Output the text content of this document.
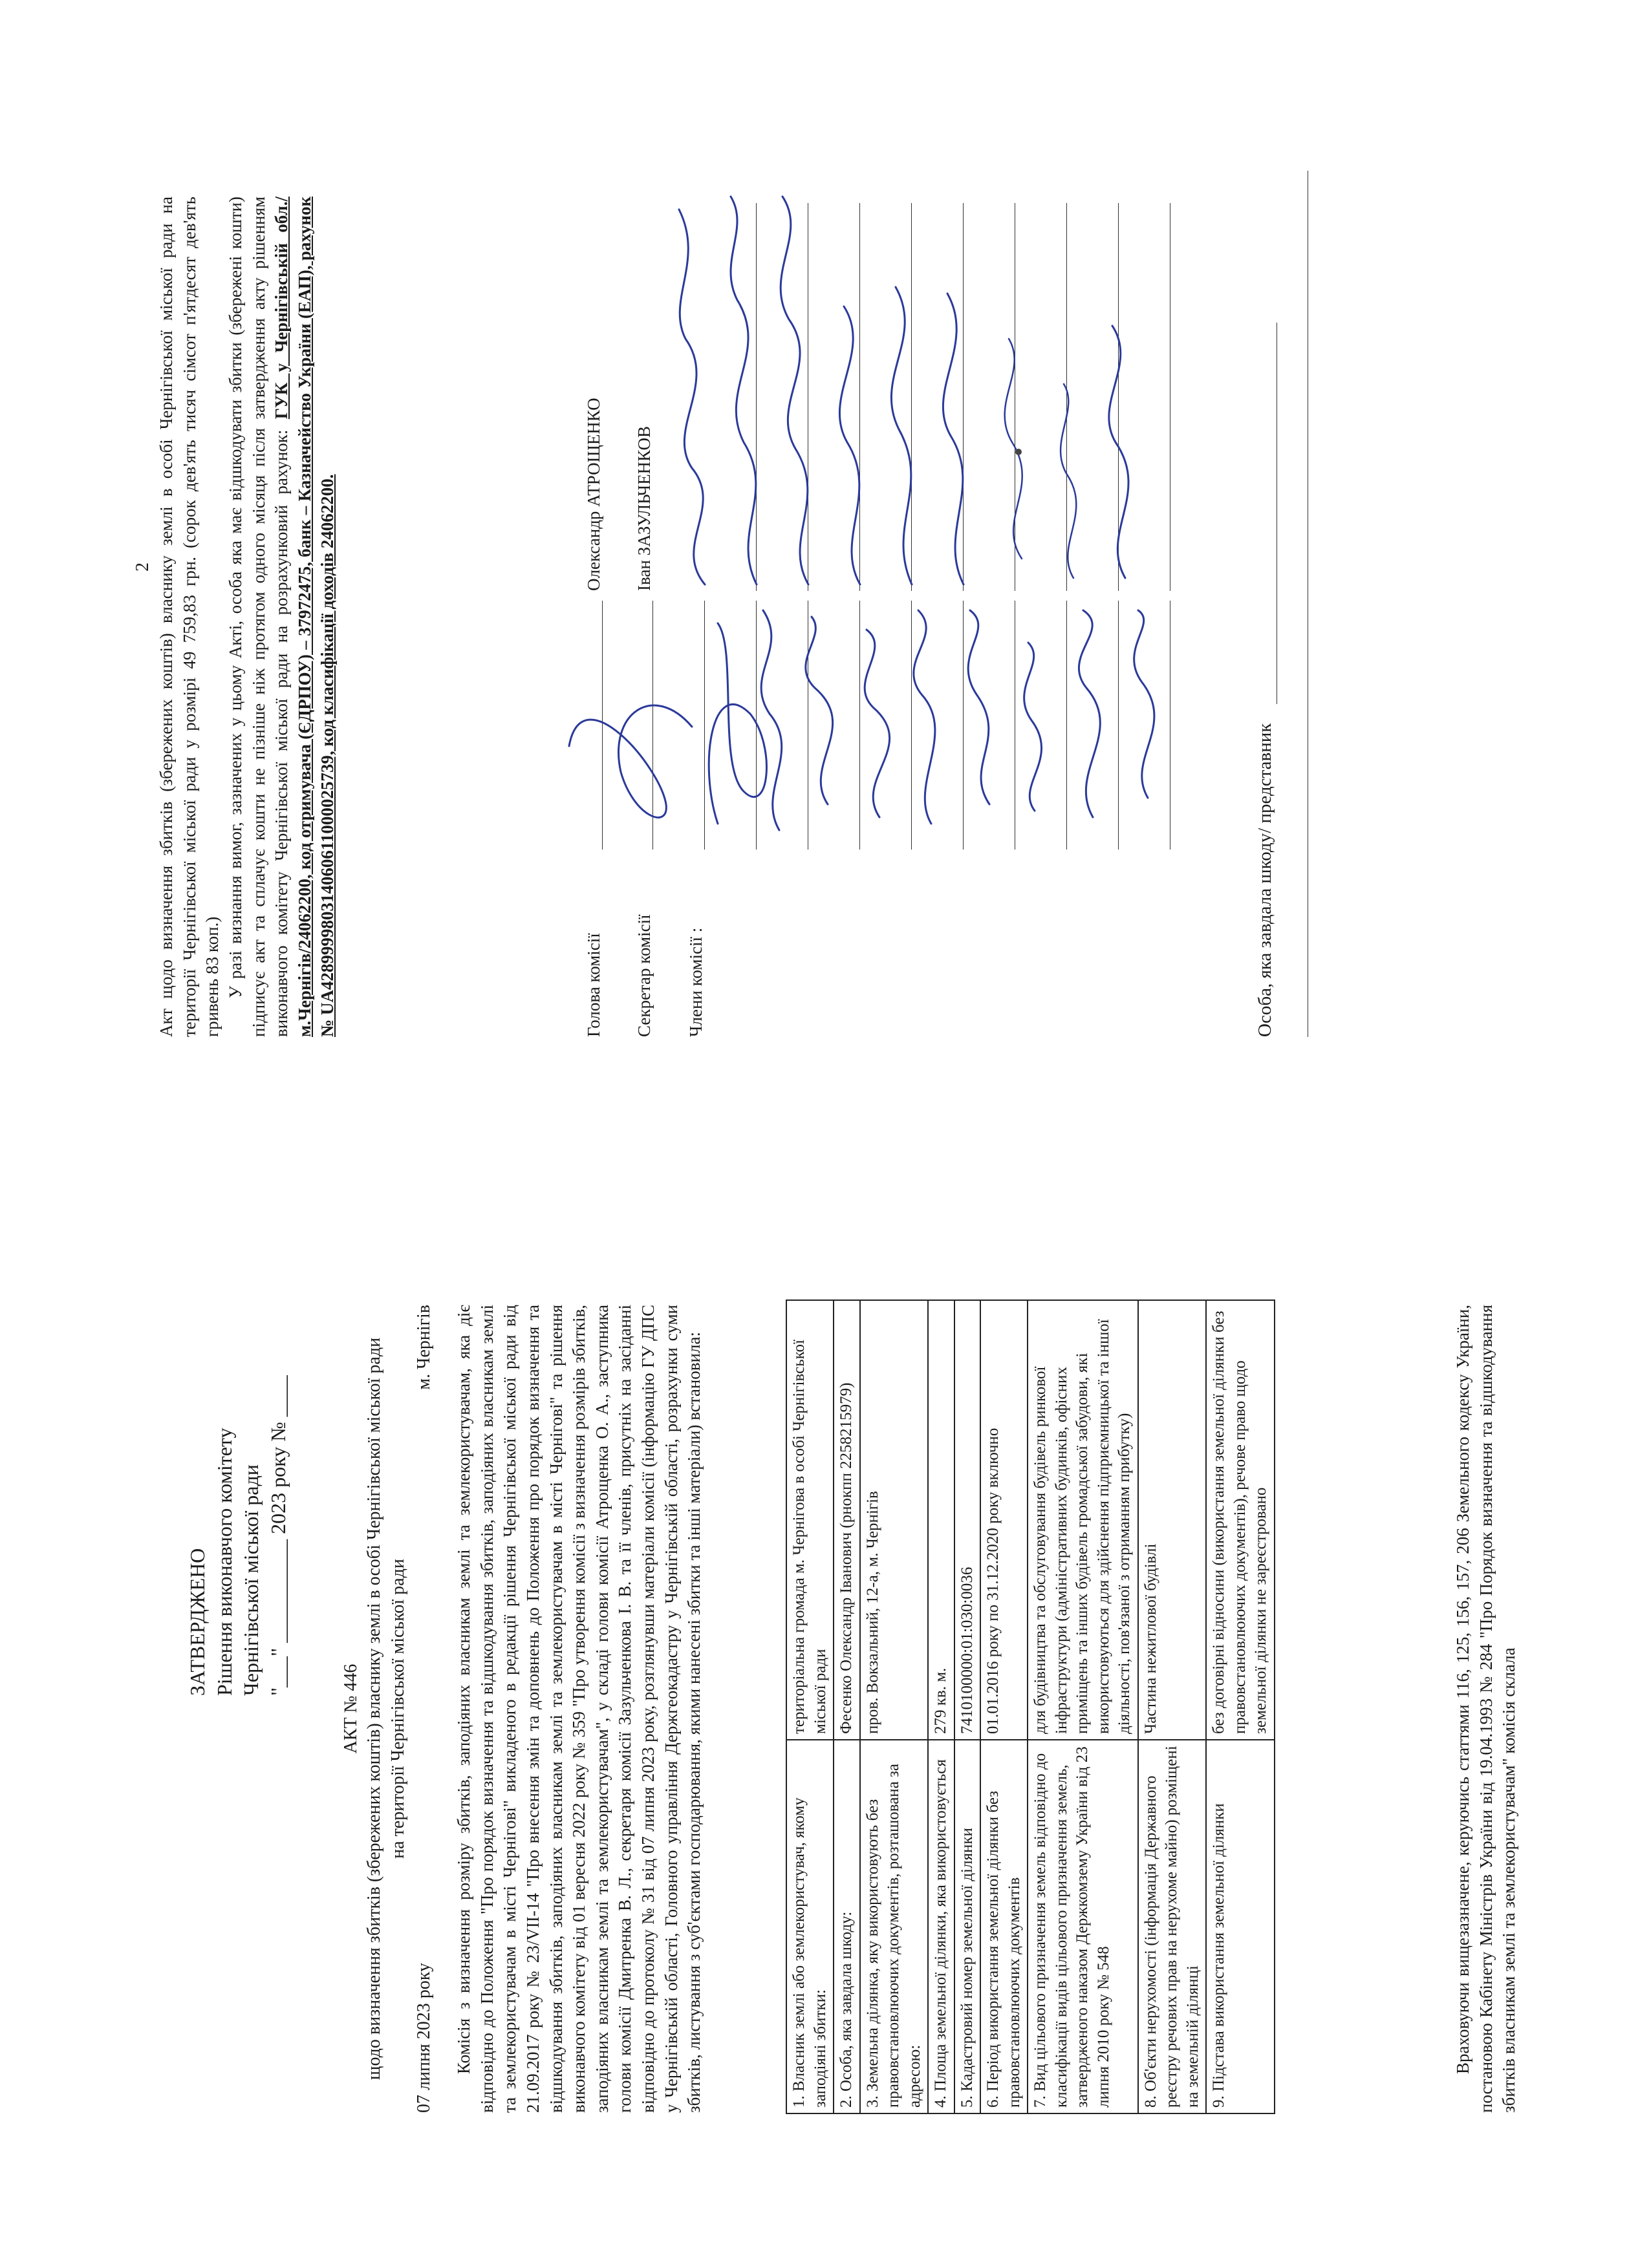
ЗАТВЕРДЖЕНО Рішення виконавчого комітету Чернігівської міської ради "___" __________ 2023 року № ____
АКТ № 446 щодо визначення збитків (збережених коштів) власнику землі в особі Чернігівської міської ради на території Чернігівської міської ради
07 липня 2023 року
м. Чернігів Комісія з визначення розміру збитків, заподіяних власникам землі та землекористувачам, яка діє відповідно до Положення "Про порядок визначення та відшкодування збитків, заподіяних власникам землі та землекористувачам в місті Чернігові" викладеного в редакції рішення Чернігівської міської ради від 21.09.2017 року № 23/VII-14 "Про внесення змін та доповнень до Положення про порядок визначення та відшкодування збитків, заподіяних власникам землі та землекористувачам в місті Чернігові" та рішення виконавчого комітету від 01 вересня 2022 року № 359 "Про утворення комісії з визначення розмірів збитків, заподіяних власникам землі та землекористувачам", у складі голови комісії Атрощенка О. А., заступника голови комісії Дмитренка В. Л., секретаря комісії Зазульченкова І. В. та її членів, присутніх на засіданні відповідно до протоколу № 31 від 07 липня 2023 року, розглянувши матеріали комісії (інформацію ГУ ДПС у Чернігівській області, Головного управління Держгеокадастру у Чернігівській області, розрахунки суми збитків, листування з суб'єктами господарювання, якими нанесені збитки та інші матеріали) встановила:	1. Власник землі або землекористувач, якому заподіяні збитки:	територіальна громада м. Чернігова в особі Чернігівської міської ради
2. Особа, яка завдала шкоду:	Фесенко Олександр Іванович (рнокпп 2258215979)
3. Земельна ділянка, яку використовують без правовстановлюючих документів, розташована за адресою:	пров. Вокзальний, 12-а, м. Чернігів
4. Площа земельної ділянки, яка використовується	279 кв. м.
5. Кадастровий номер земельної ділянки	7410100000:01:030:0036
6. Період використання земельної ділянки без правовстановлюючих документів	01.01.2016 року по 31.12.2020 року включно
7. Вид цільового призначення земель відповідно до класифікації видів цільового призначення земель, затвердженого наказом Держкомзему України від 23 липня 2010 року № 548	для будівництва та обслуговування будівель ринкової інфраструктури (адміністративних будинків, офісних приміщень та інших будівель громадської забудови, які використовуються для здійснення підприємницької та іншої діяльності, пов'язаної з отриманням прибутку)
8. Об'єкти нерухомості (інформація Державного реєстру речових прав на нерухоме майно) розміщені на земельній ділянці	Частина нежитлової будівлі
9. Підстава використання земельної ділянки	без договірні відносини (використання земельної ділянки без правовстановлюючих документів), речове право щодо земельної ділянки не зареєстровано	Враховуючи вищезазначене, керуючись статтями 116, 125, 156, 157, 206 Земельного кодексу України, постановою Кабінету Міністрів України від 19.04.1993 № 284 "Про Порядок визначення та відшкодування збитків власникам землі та землекористувачам" комісія склала

2 Акт щодо визначення збитків (збережених коштів) власнику землі в особі Чернігівської міської ради на території Чернігівської міської ради у розмірі 49 759,83 грн. (сорок дев'ять тисяч сімсот п'ятдесят дев'ять гривень 83 коп.) У разі визнання вимог, зазначених у цьому Акті, особа яка має відшкодувати збитки (збережені кошти) підписує акт та сплачує кошти не пізніше ніж протягом одного місяця після затвердження акту рішенням виконавчого комітету Чернігівської міської ради на розрахунковий рахунок: ГУК у Чернігівській обл./м.Чернігів/24062200, код отримувача (ЄДРПОУ) – 37972475, банк – Казначейство України (ЕАП), рахунок № UA428999980314060611000025739, код класифікації доходів 24062200.	Голова комісії
Олександр АТРОЩЕНКО
Секретар комісії
Іван ЗАЗУЛЬЧЕНКОВ
Члени комісії :	Особа, яка завдала шкоду/ представник
